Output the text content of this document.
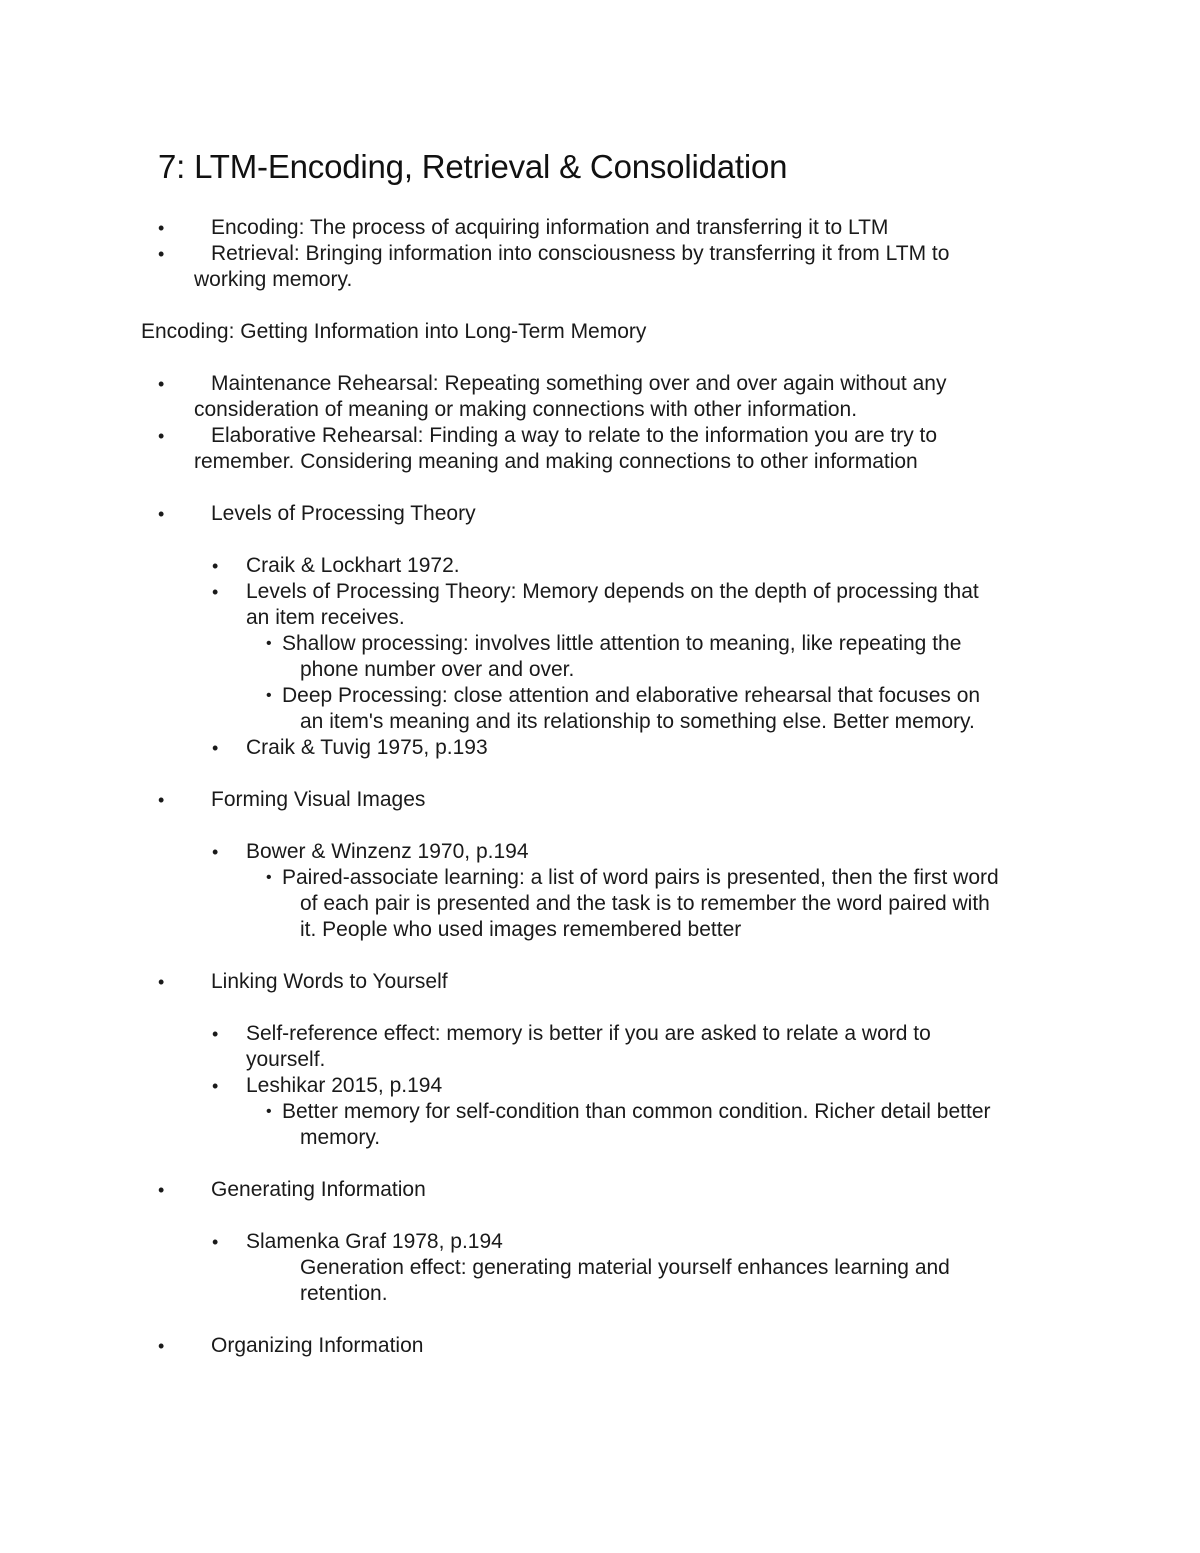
7: LTM-Encoding, Retrieval & Consolidation
• Encoding: The process of acquiring information and transferring it to LTM
• Retrieval: Bringing information into consciousness by transferring it from LTM to
working memory.
Encoding: Getting Information into Long-Term Memory
• Maintenance Rehearsal: Repeating something over and over again without any
consideration of meaning or making connections with other information.
• Elaborative Rehearsal: Finding a way to relate to the information you are try to
remember. Considering meaning and making connections to other information
• Levels of Processing Theory
• Craik & Lockhart 1972.
• Levels of Processing Theory: Memory depends on the depth of processing that
an item receives.
• Shallow processing: involves little attention to meaning, like repeating the
phone number over and over.
• Deep Processing: close attention and elaborative rehearsal that focuses on
an item's meaning and its relationship to something else. Better memory.
• Craik & Tuvig 1975, p.193
• Forming Visual Images
• Bower & Winzenz 1970, p.194
• Paired-associate learning: a list of word pairs is presented, then the first word
of each pair is presented and the task is to remember the word paired with
it. People who used images remembered better
• Linking Words to Yourself
• Self-reference effect: memory is better if you are asked to relate a word to
yourself.
• Leshikar 2015, p.194
• Better memory for self-condition than common condition. Richer detail better
memory.
• Generating Information
• Slamenka Graf 1978, p.194
Generation effect: generating material yourself enhances learning and
retention.
• Organizing Information
